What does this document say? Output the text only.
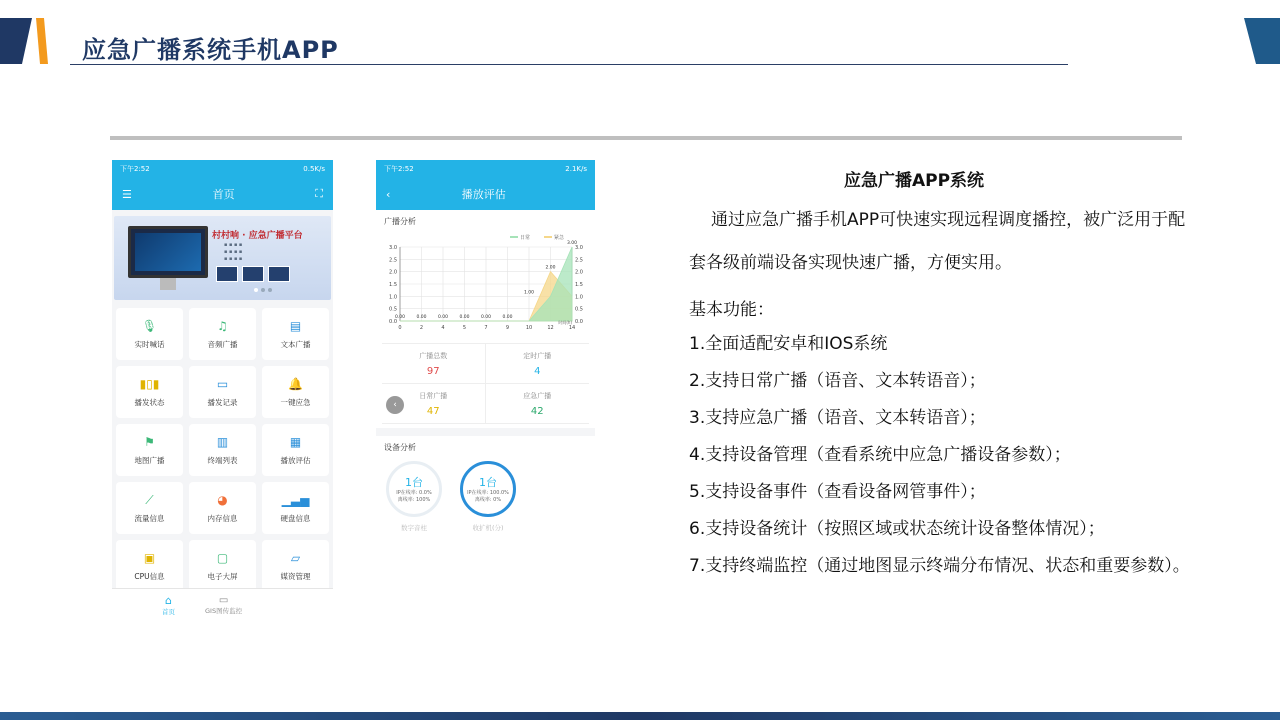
应急广播系统手机APP
下午2:52	0.5K/s
☰	首页	⛶
村村响 · 应急广播平台
▪ ▪ ▪ ▪
▪ ▪ ▪ ▪
▪ ▪ ▪ ▪
🎙
实时喊话
♫
音频广播
▤
文本广播
▮▯▮
播发状态
▭
播发记录
🔔
一键应急
⚑
地图广播
▥
终端列表
▦
播放评估
⟋
流量信息
◕
内存信息
▁▃▅
硬盘信息
▣
CPU信息
▢
电子大屏
▱
媒资管理
⌂
首页
▭
GIS图传监控
下午2:52	2.1K/s
‹	播放评估
广播分析
0.0	0.0
0.5	0.5
1.0	1.0
1.5	1.5
2.0	2.0
2.5	2.5
3.0	3.0
0	2	4	5	7	9	10	12	14
0.00	0.00	0.00	0.00	0.00	0.00
1.00
2.00
3.00
日常	紧急
时间(h)
广播总数
97
定时广播
4
日常广播
47
应急广播
42
‹
设备分析
1台
IP在线率: 0.0%
离线率: 100%
数字音柱
1台
IP在线率: 100.0%
离线率: 0%
收扩机(分)
应急广播APP系统

通过应急广播手机APP可快速实现远程调度播控，被广泛用于配
套各级前端设备实现快速广播，方便实用。

基本功能：

1.全面适配安卓和IOS系统
2.支持日常广播（语音、文本转语音）；
3.支持应急广播（语音、文本转语音）；
4.支持设备管理（查看系统中应急广播设备参数）；
5.支持设备事件（查看设备网管事件）；
6.支持设备统计（按照区域或状态统计设备整体情况）；
7.支持终端监控（通过地图显示终端分布情况、状态和重要参数）。
